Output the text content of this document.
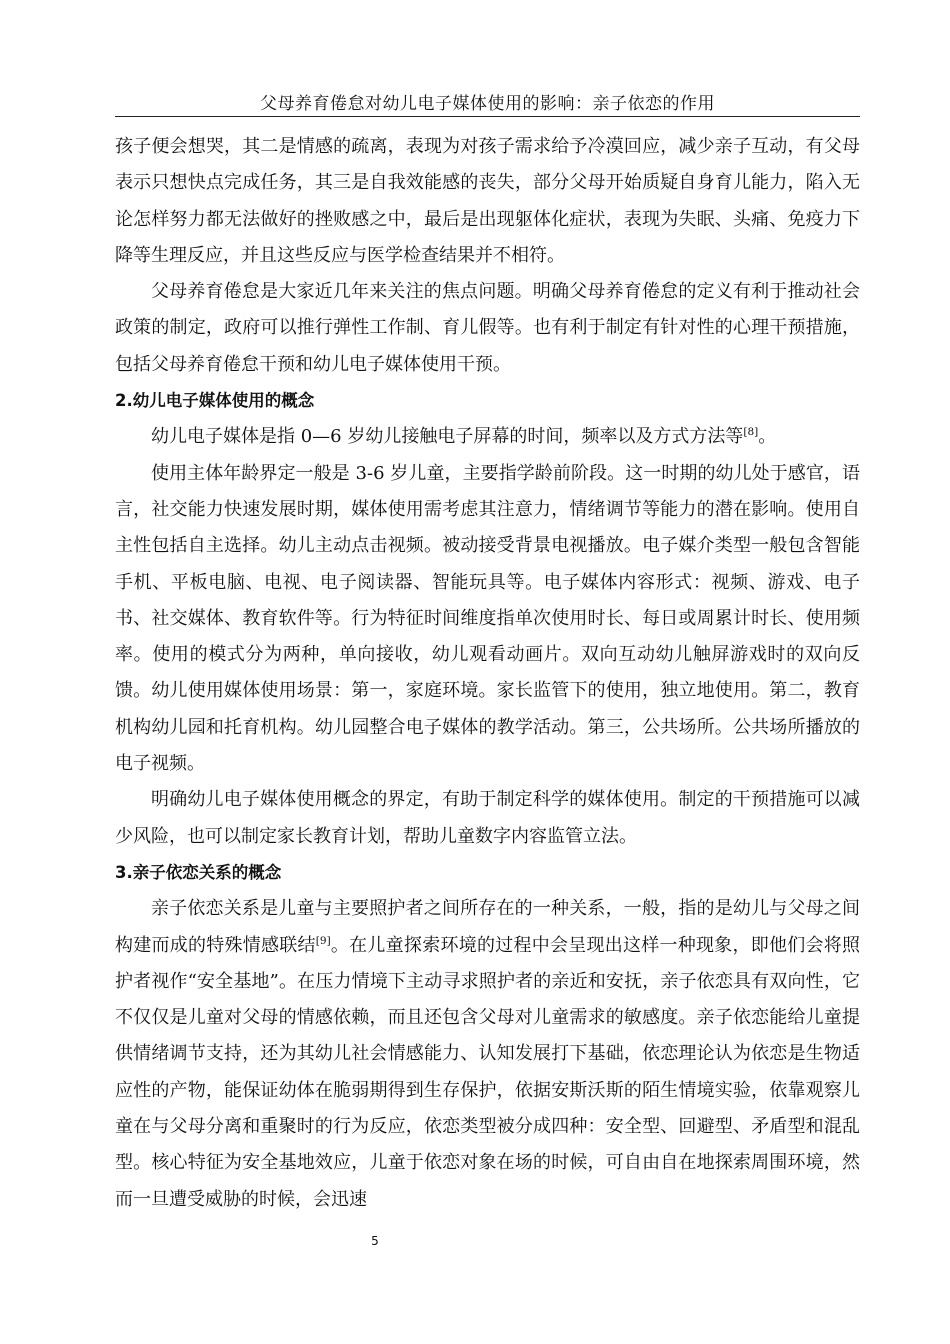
父母养育倦怠对幼儿电子媒体使用的影响：亲子依恋的作用

孩子便会想哭，其二是情感的疏离，表现为对孩子需求给予冷漠回应，减少亲子互动，有父母表示只想快点完成任务，其三是自我效能感的丧失，部分父母开始质疑自身育儿能力，陷入无论怎样努力都无法做好的挫败感之中，最后是出现躯体化症状，表现为失眠、头痛、免疫力下降等生理反应，并且这些反应与医学检查结果并不相符。

父母养育倦怠是大家近几年来关注的焦点问题。明确父母养育倦怠的定义有利于推动社会政策的制定，政府可以推行弹性工作制、育儿假等。也有利于制定有针对性的心理干预措施，包括父母养育倦怠干预和幼儿电子媒体使用干预。

2.幼儿电子媒体使用的概念

幼儿电子媒体是指 0—6 岁幼儿接触电子屏幕的时间，频率以及方式方法等[8]。

使用主体年龄界定一般是 3-6 岁儿童，主要指学龄前阶段。这一时期的幼儿处于感官，语言，社交能力快速发展时期，媒体使用需考虑其注意力，情绪调节等能力的潜在影响。使用自主性包括自主选择。幼儿主动点击视频。被动接受背景电视播放。电子媒介类型一般包含智能手机、平板电脑、电视、电子阅读器、智能玩具等。电子媒体内容形式：视频、游戏、电子书、社交媒体、教育软件等。行为特征时间维度指单次使用时长、每日或周累计时长、使用频率。使用的模式分为两种，单向接收，幼儿观看动画片。双向互动幼儿触屏游戏时的双向反馈。幼儿使用媒体使用场景：第一，家庭环境。家长监管下的使用，独立地使用。第二，教育机构幼儿园和托育机构。幼儿园整合电子媒体的教学活动。第三，公共场所。公共场所播放的电子视频。

明确幼儿电子媒体使用概念的界定，有助于制定科学的媒体使用。制定的干预措施可以减少风险，也可以制定家长教育计划，帮助儿童数字内容监管立法。

3.亲子依恋关系的概念

亲子依恋关系是儿童与主要照护者之间所存在的一种关系，一般，指的是幼儿与父母之间构建而成的特殊情感联结[9]。在儿童探索环境的过程中会呈现出这样一种现象，即他们会将照护者视作“安全基地”。在压力情境下主动寻求照护者的亲近和安抚，亲子依恋具有双向性，它不仅仅是儿童对父母的情感依赖，而且还包含父母对儿童需求的敏感度。亲子依恋能给儿童提供情绪调节支持，还为其幼儿社会情感能力、认知发展打下基础，依恋理论认为依恋是生物适应性的产物，能保证幼体在脆弱期得到生存保护，依据安斯沃斯的陌生情境实验，依靠观察儿童在与父母分离和重聚时的行为反应，依恋类型被分成四种：安全型、回避型、矛盾型和混乱型。核心特征为安全基地效应，儿童于依恋对象在场的时候，可自由自在地探索周围环境，然而一旦遭受威胁的时候，会迅速

5
